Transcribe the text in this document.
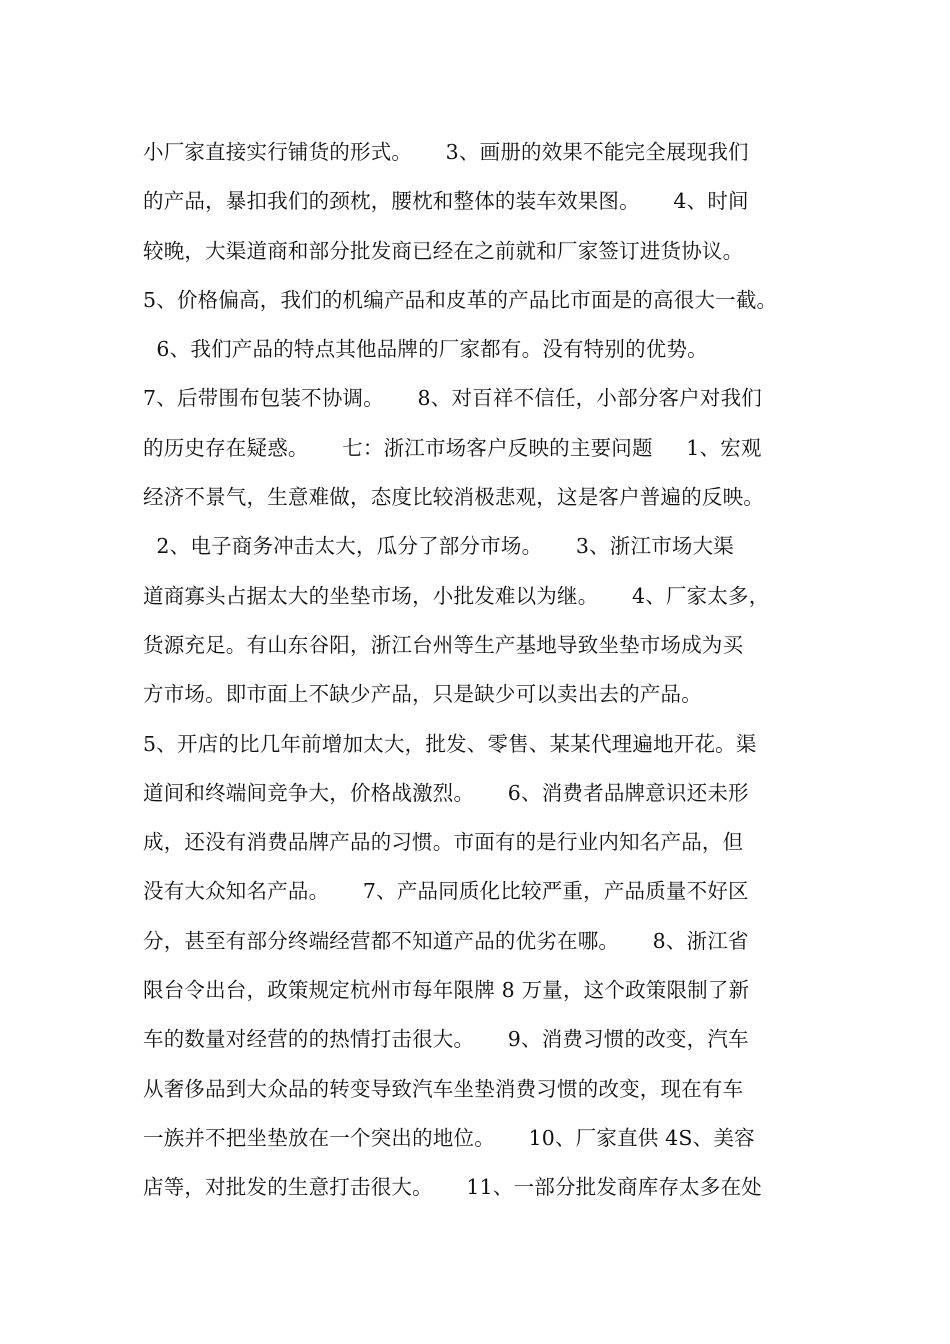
小厂家直接实行铺货的形式。     3、画册的效果不能完全展现我们
的产品，暴扣我们的颈枕，腰枕和整体的装车效果图。     4、时间
较晚，大渠道商和部分批发商已经在之前就和厂家签订进货协议。
5、价格偏高，我们的机编产品和皮革的产品比市面是的高很大一截。
6、我们产品的特点其他品牌的厂家都有。没有特别的优势。
7、后带围布包装不协调。     8、对百祥不信任，小部分客户对我们
的历史存在疑惑。     七：浙江市场客户反映的主要问题     1、宏观
经济不景气，生意难做，态度比较消极悲观，这是客户普遍的反映。
2、电子商务冲击太大，瓜分了部分市场。     3、浙江市场大渠
道商寡头占据太大的坐垫市场，小批发难以为继。     4、厂家太多，
货源充足。有山东谷阳，浙江台州等生产基地导致坐垫市场成为买
方市场。即市面上不缺少产品，只是缺少可以卖出去的产品。
5、开店的比几年前增加太大，批发、零售、某某代理遍地开花。渠
道间和终端间竞争大，价格战激烈。     6、消费者品牌意识还未形
成，还没有消费品牌产品的习惯。市面有的是行业内知名产品，但
没有大众知名产品。     7、产品同质化比较严重，产品质量不好区
分，甚至有部分终端经营都不知道产品的优劣在哪。     8、浙江省
限台令出台，政策规定杭州市每年限牌 8 万量，这个政策限制了新
车的数量对经营的的热情打击很大。     9、消费习惯的改变，汽车
从奢侈品到大众品的转变导致汽车坐垫消费习惯的改变，现在有车
一族并不把坐垫放在一个突出的地位。     10、厂家直供 4S、美容
店等，对批发的生意打击很大。     11、一部分批发商库存太多在处
